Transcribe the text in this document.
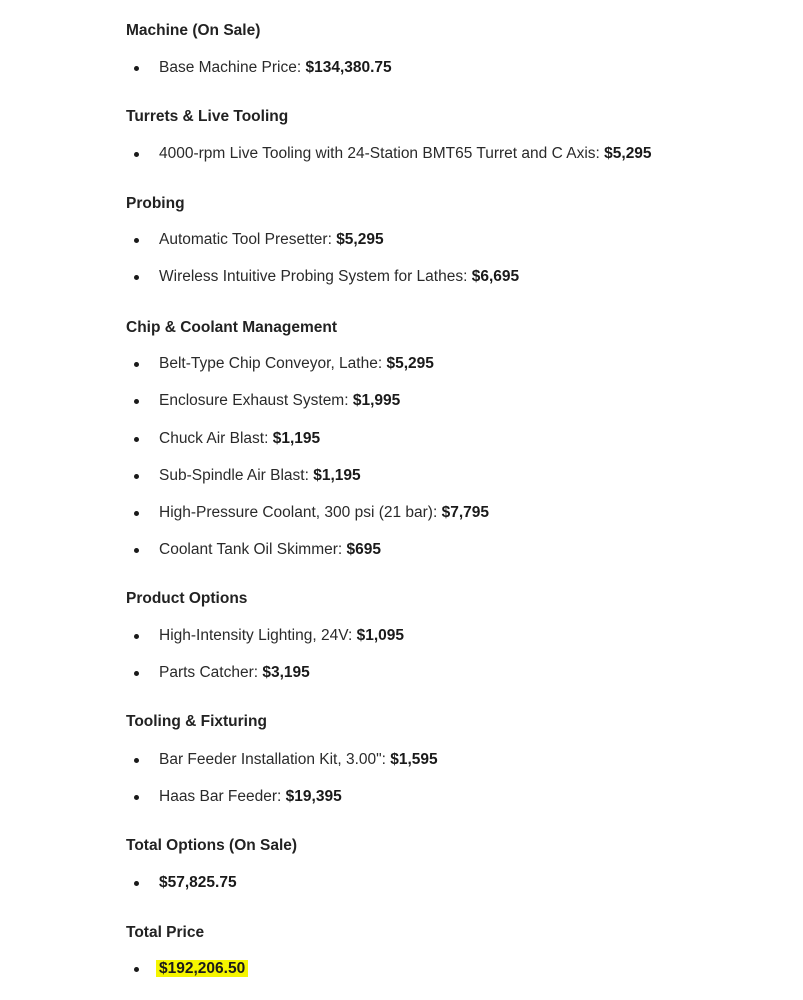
Machine (On Sale)
Base Machine Price: $134,380.75
Turrets & Live Tooling
4000-rpm Live Tooling with 24-Station BMT65 Turret and C Axis: $5,295
Probing
Automatic Tool Presetter: $5,295
Wireless Intuitive Probing System for Lathes: $6,695
Chip & Coolant Management
Belt-Type Chip Conveyor, Lathe: $5,295
Enclosure Exhaust System: $1,995
Chuck Air Blast: $1,195
Sub-Spindle Air Blast: $1,195
High-Pressure Coolant, 300 psi (21 bar): $7,795
Coolant Tank Oil Skimmer: $695
Product Options
High-Intensity Lighting, 24V: $1,095
Parts Catcher: $3,195
Tooling & Fixturing
Bar Feeder Installation Kit, 3.00": $1,595
Haas Bar Feeder: $19,395
Total Options (On Sale)
$57,825.75
Total Price
$192,206.50
